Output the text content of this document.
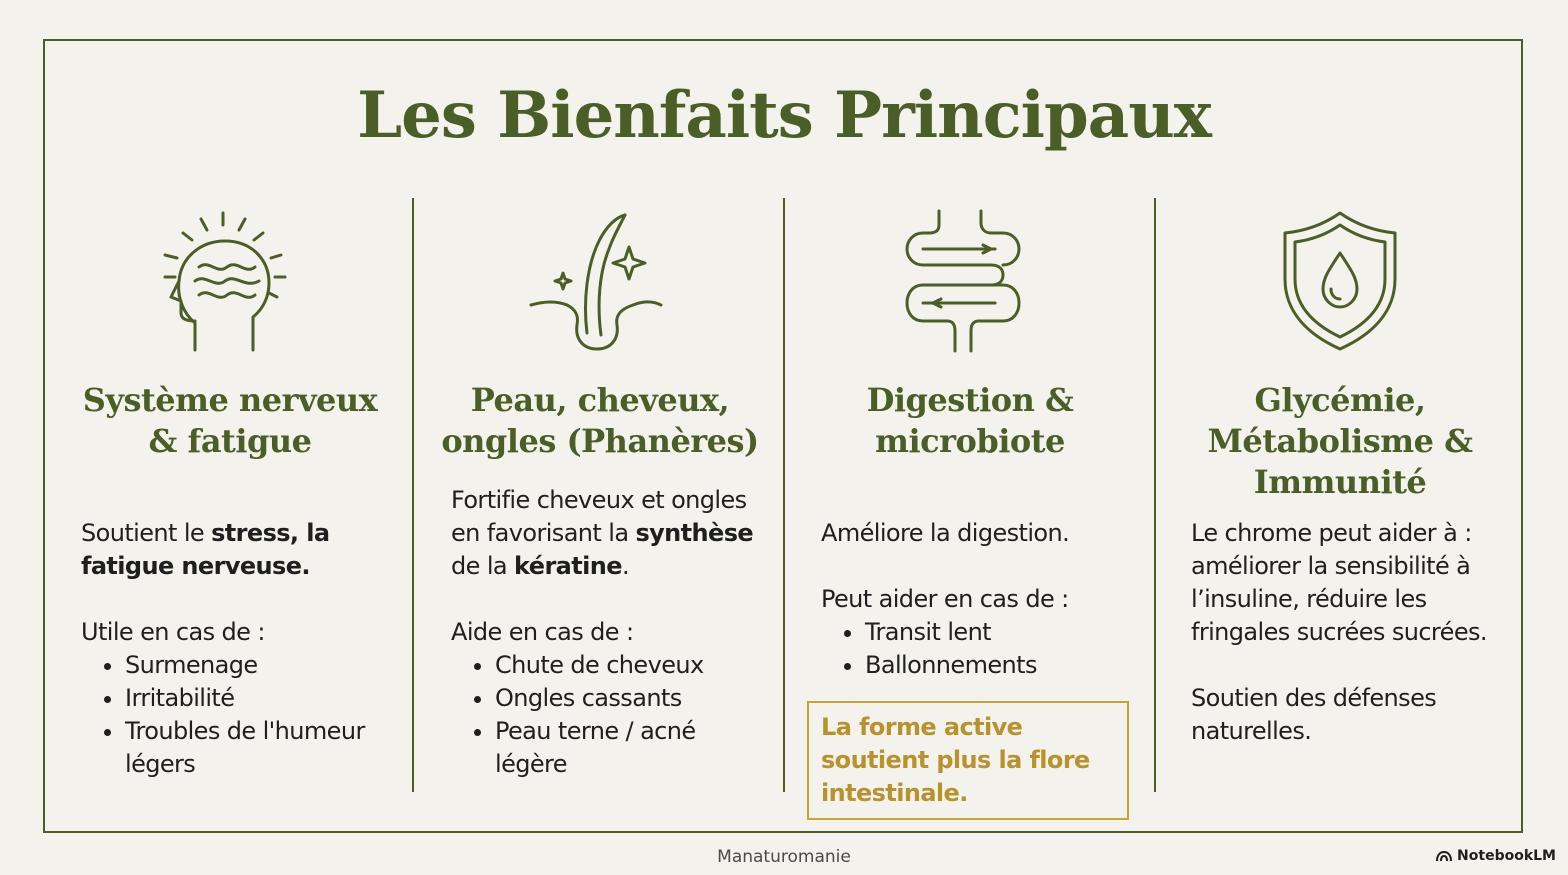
Les Bienfaits Principaux
Système nerveux
& fatigue

Soutient le stress, la
fatigue nerveuse.

Utile en cas de :

• Surmenage
• Irritabilité
• Troubles de l'humeur légers
Peau, cheveux,
ongles (Phanères)

Fortifie cheveux et ongles
en favorisant la synthèse
de la kératine.

Aide en cas de :

• Chute de cheveux
• Ongles cassants
• Peau terne / acné légère
Digestion &
microbiote

Améliore la digestion.

Peut aider en cas de :

• Transit lent
• Ballonnements
La forme active soutient plus la flore intestinale.
Glycémie,
Métabolisme &
Immunité

Le chrome peut aider à : améliorer la sensibilité à l’insuline, réduire les fringales sucrées sucrées.

Soutien des défenses naturelles.

Manaturomanie	NotebookLM
